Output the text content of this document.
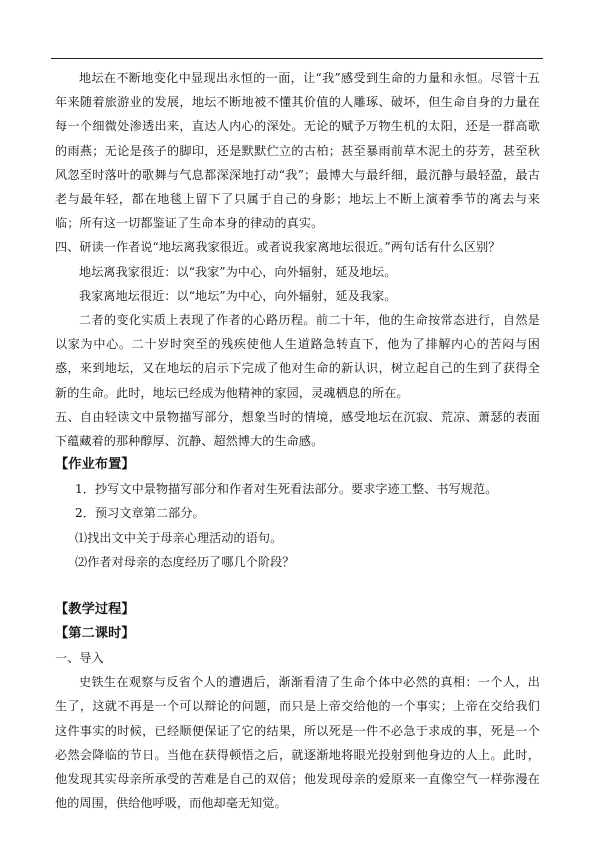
地坛在不断地变化中显现出永恒的一面，让“我”感受到生命的力量和永恒。尽管十五年来随着旅游业的发展，地坛不断地被不懂其价值的人雕琢、破坏，但生命自身的力量在每一个细微处渗透出来，直达人内心的深处。无论的赋予万物生机的太阳，还是一群高歌的雨燕；无论是孩子的脚印，还是默默伫立的古柏；甚至暴雨前草木泥土的芬芳，甚至秋风忽至时落叶的歌舞与气息都深深地打动“我”；最博大与最纤细，最沉静与最轻盈，最古老与最年轻，都在地毯上留下了只属于自己的身影；地坛上不断上演着季节的离去与来临；所有这一切都鉴证了生命本身的律动的真实。

四、研读一作者说“地坛离我家很近。或者说我家离地坛很近。”两句话有什么区别？

地坛离我家很近：以“我家”为中心，向外辐射，延及地坛。

我家离地坛很近：以“地坛”为中心，向外辐射，延及我家。

二者的变化实质上表现了作者的心路历程。前二十年，他的生命按常态进行，自然是以家为中心。二十岁时突至的残疾使他人生道路急转直下，他为了排解内心的苦闷与困惑，来到地坛，又在地坛的启示下完成了他对生命的新认识，树立起自己的生到了获得全新的生命。此时，地坛已经成为他精神的家园，灵魂栖息的所在。

五、自由轻读文中景物描写部分，想象当时的情境，感受地坛在沉寂、荒凉、萧瑟的表面下蕴藏着的那种醇厚、沉静、超然博大的生命感。

【作业布置】

1．抄写文中景物描写部分和作者对生死看法部分。要求字迹工整、书写规范。

2．预习文章第二部分。

⑴找出文中关于母亲心理活动的语句。

⑵作者对母亲的态度经历了哪几个阶段？

【教学过程】

【第二课时】

一、导入

史铁生在观察与反省个人的遭遇后，渐渐看清了生命个体中必然的真相：一个人，出生了，这就不再是一个可以辩论的问题，而只是上帝交给他的一个事实；上帝在交给我们这件事实的时候，已经顺便保证了它的结果，所以死是一件不必急于求成的事，死是一个必然会降临的节日。当他在获得顿悟之后，就逐渐地将眼光投射到他身边的人上。此时，他发现其实母亲所承受的苦难是自己的双倍；他发现母亲的爱原来一直像空气一样弥漫在他的周围，供给他呼吸，而他却毫无知觉。
